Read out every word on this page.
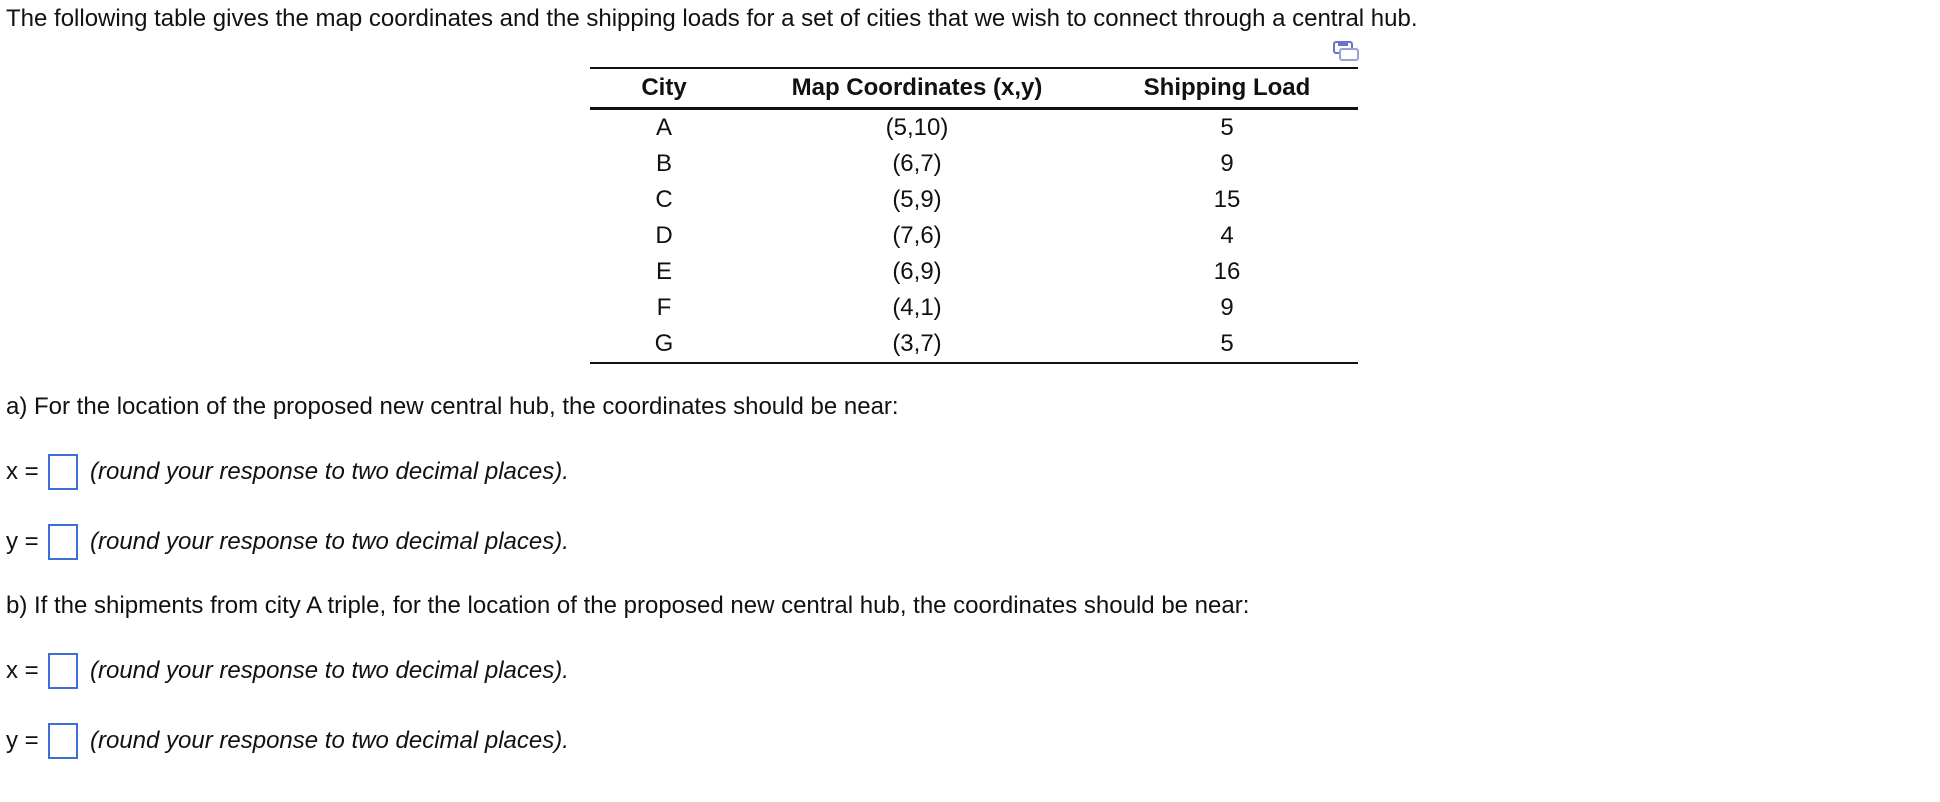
The following table gives the map coordinates and the shipping loads for a set of cities that we wish to connect through a central hub.
City	Map Coordinates (x,y)	Shipping Load
A	(5,10)	5
B	(6,7)	9
C	(5,9)	15
D	(7,6)	4
E	(6,9)	16
F	(4,1)	9
G	(3,7)	5
a) For the location of the proposed new central hub, the coordinates should be near:
x =	(round your response to two decimal places).
y =	(round your response to two decimal places).
b) If the shipments from city A triple, for the location of the proposed new central hub, the coordinates should be near:
x =	(round your response to two decimal places).
y =	(round your response to two decimal places).
